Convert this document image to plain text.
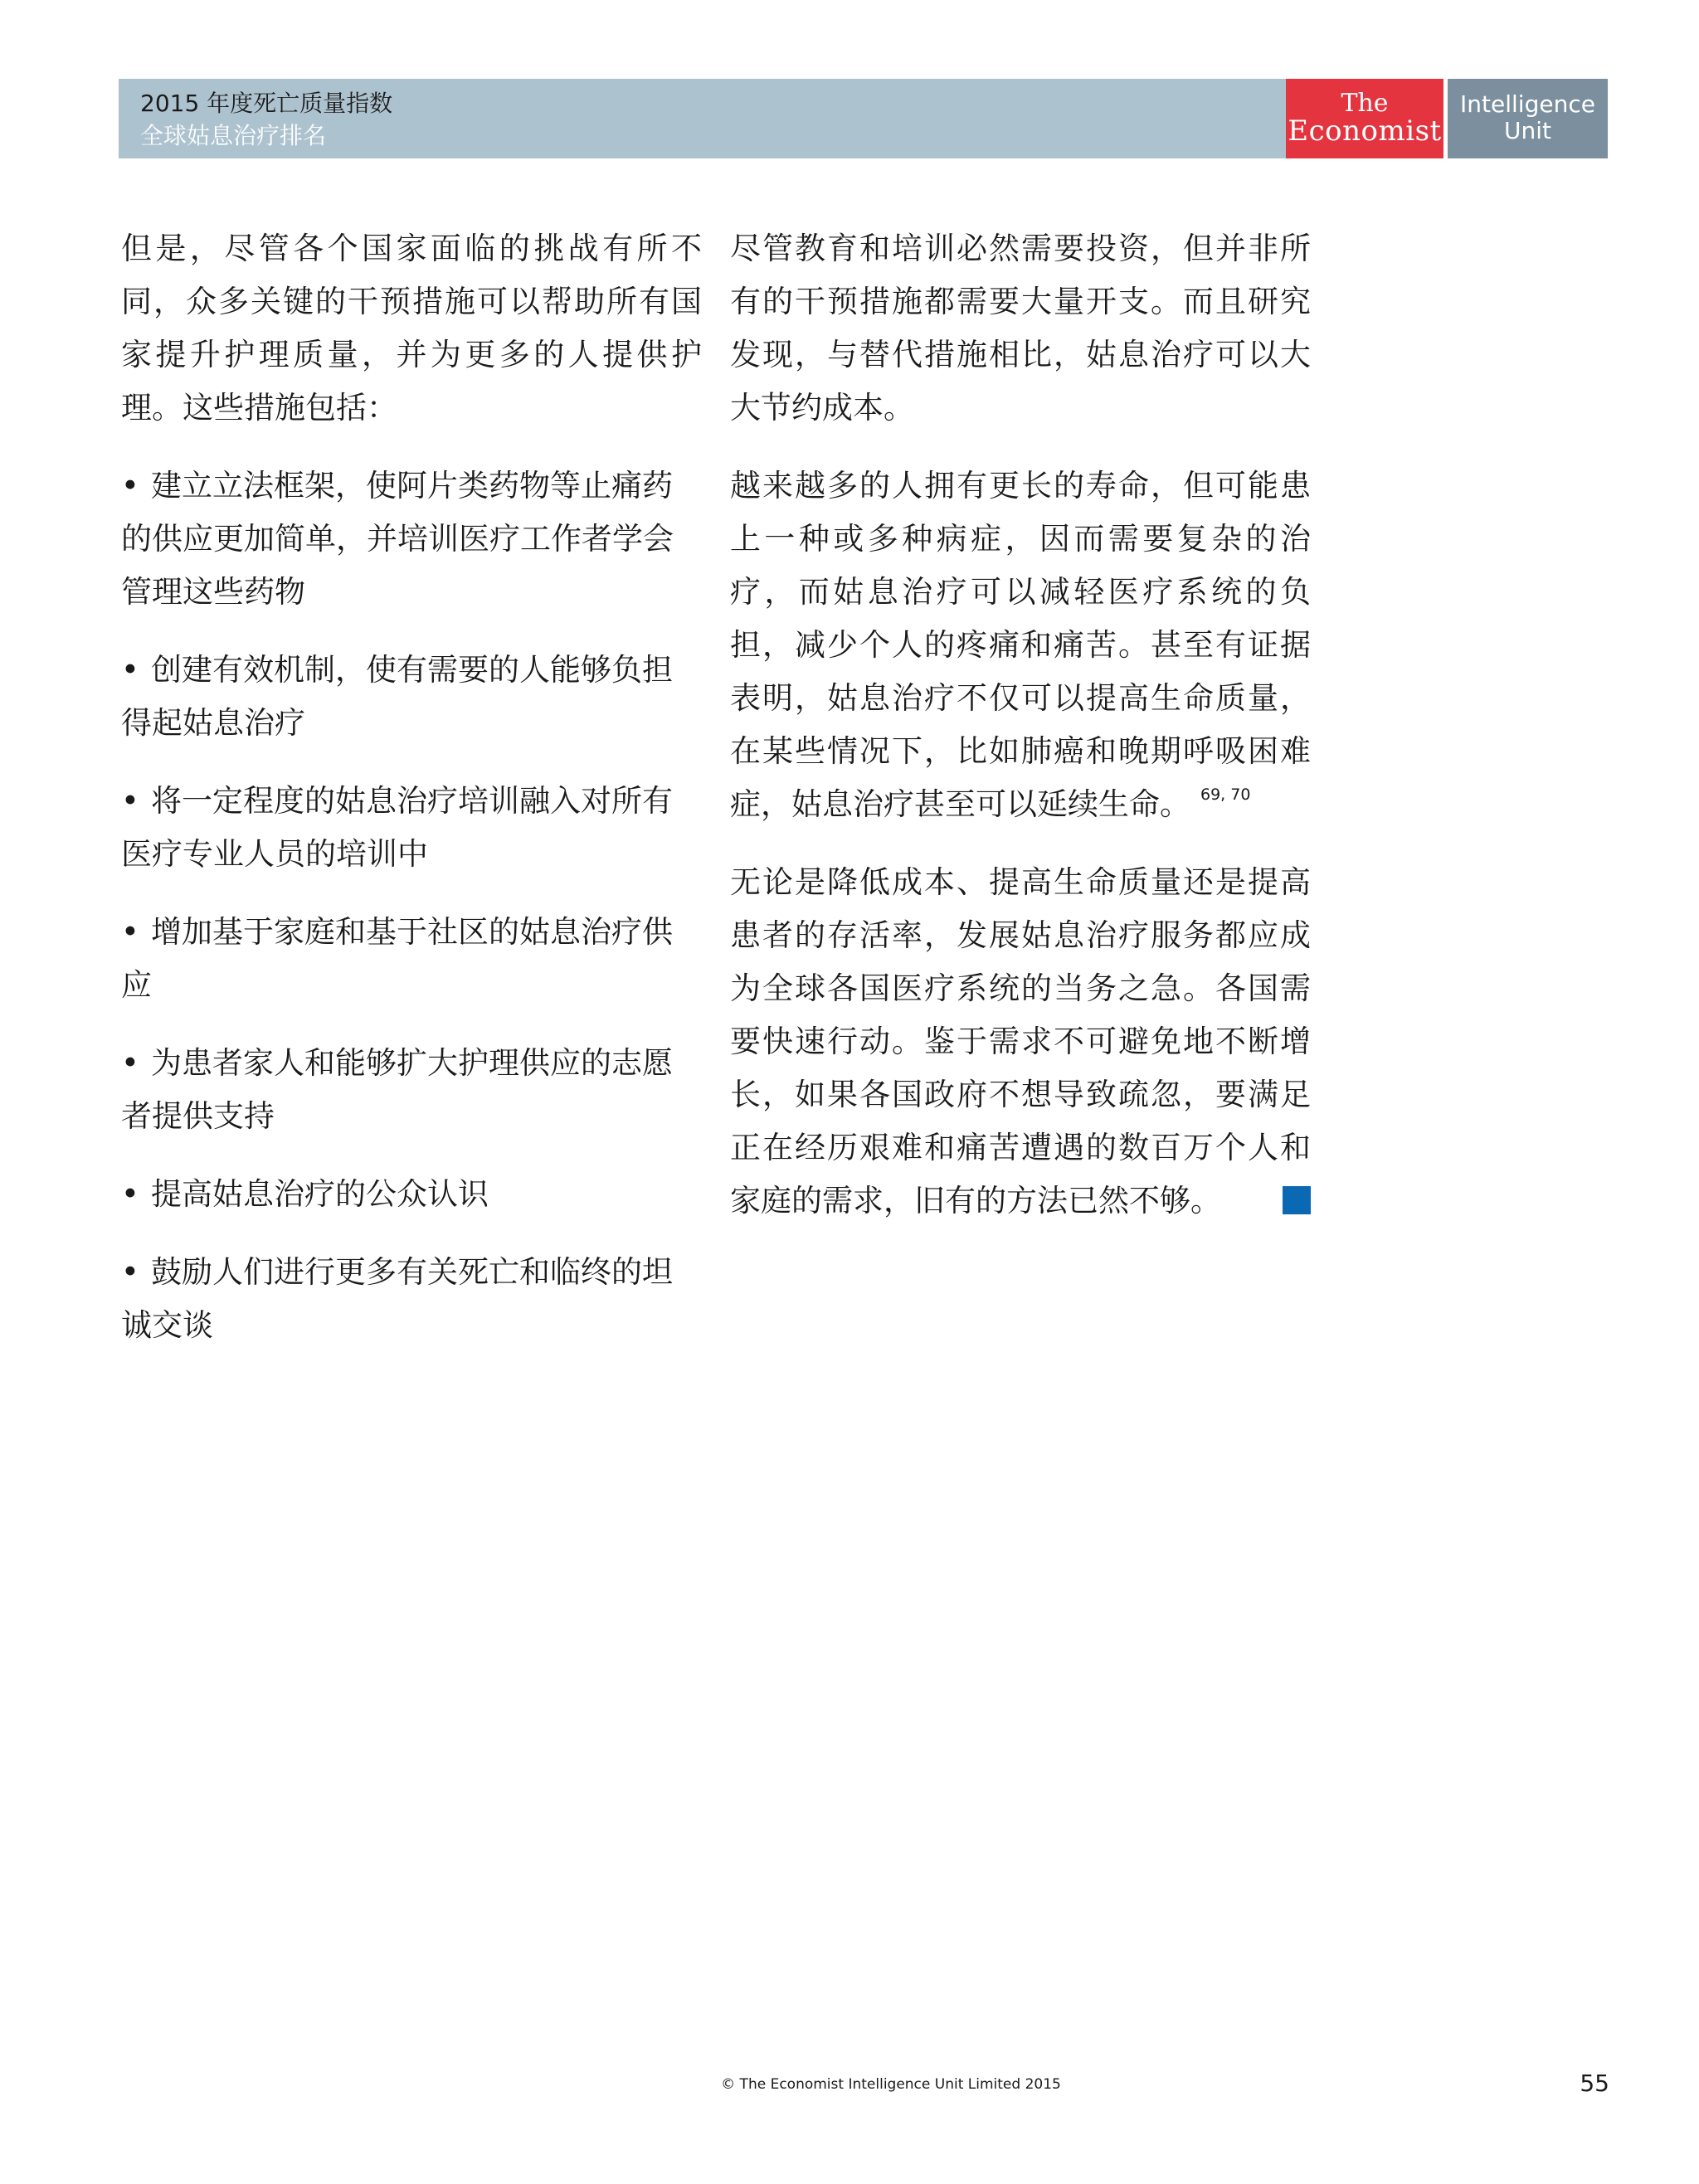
2015 年度死亡质量指数
全球姑息治疗排名
The
Economist
Intelligence
Unit

但是，尽管各个国家面临的挑战有所不同，众多关键的干预措施可以帮助所有国家提升护理质量，并为更多的人提供护理。这些措施包括：

• 建立立法框架，使阿片类药物等止痛药的供应更加简单，并培训医疗工作者学会管理这些药物
• 创建有效机制，使有需要的人能够负担得起姑息治疗
• 将一定程度的姑息治疗培训融入对所有医疗专业人员的培训中
• 增加基于家庭和基于社区的姑息治疗供应
• 为患者家人和能够扩大护理供应的志愿者提供支持
• 提高姑息治疗的公众认识
• 鼓励人们进行更多有关死亡和临终的坦诚交谈

尽管教育和培训必然需要投资，但并非所有的干预措施都需要大量开支。而且研究发现，与替代措施相比，姑息治疗可以大大节约成本。

越来越多的人拥有更长的寿命，但可能患上一种或多种病症，因而需要复杂的治疗，而姑息治疗可以减轻医疗系统的负担，减少个人的疼痛和痛苦。甚至有证据表明，姑息治疗不仅可以提高生命质量，在某些情况下，比如肺癌和晚期呼吸困难症，姑息治疗甚至可以延续生命。 $^{69, 70}$

无论是降低成本、提高生命质量还是提高患者的存活率，发展姑息治疗服务都应成为全球各国医疗系统的当务之急。各国需要快速行动。鉴于需求不可避免地不断增长，如果各国政府不想导致疏忽，要满足正在经历艰难和痛苦遭遇的数百万个人和家庭的需求，旧有的方法已然不够。

© The Economist Intelligence Unit Limited 2015	55
